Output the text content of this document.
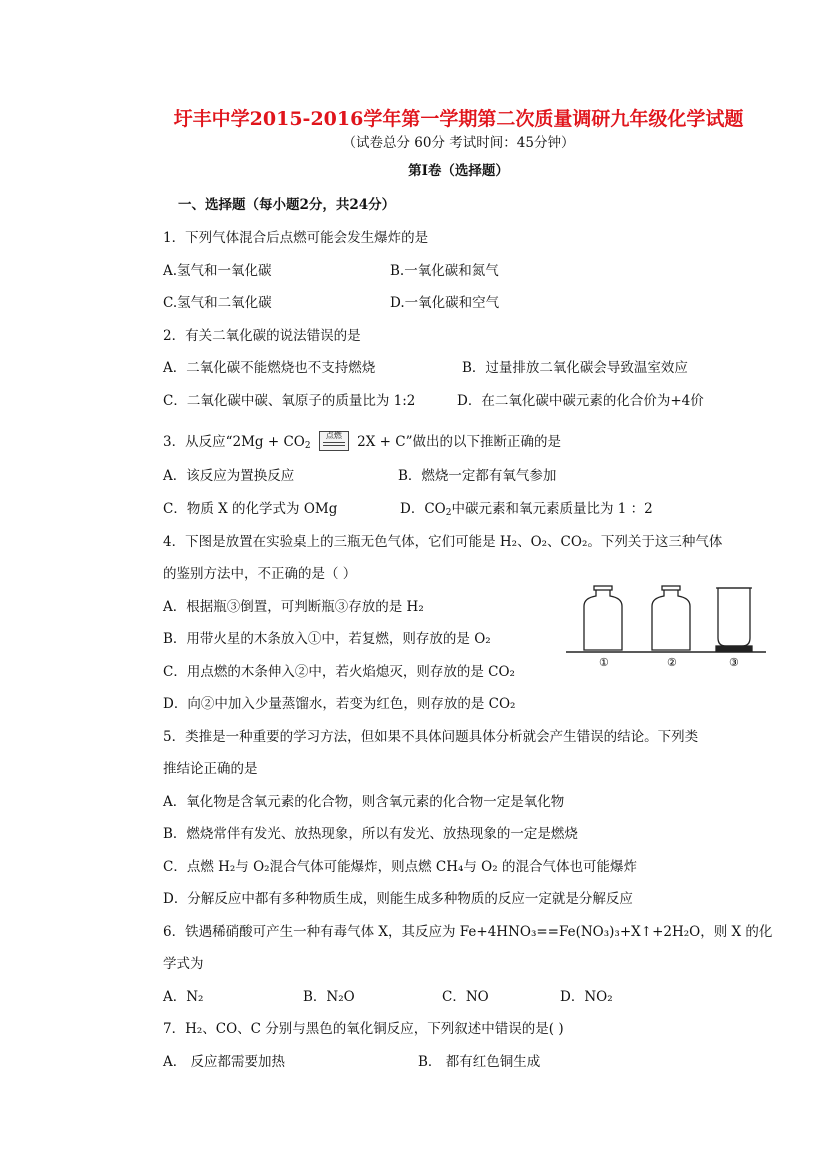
圩丰中学2015-2016学年第一学期第二次质量调研九年级化学试题
（试卷总分 60分 考试时间：45分钟）
第Ⅰ卷（选择题）
一、选择题（每小题2分，共24分）
1．下列气体混合后点燃可能会发生爆炸的是
A.氢气和一氧化碳	B.一氧化碳和氮气
C.氢气和二氧化碳	D.一氧化碳和空气
2．有关二氧化碳的说法错误的是
A．二氧化碳不能燃烧也不支持燃烧	B．过量排放二氧化碳会导致温室效应
C．二氧化碳中碳、氧原子的质量比为 1:2	D．在二氧化碳中碳元素的化合价为+4价
3．从反应“$2Mg + CO_2$
点燃	2X + C”做出的以下推断正确的是
A．该反应为置换反应	B．燃烧一定都有氧气参加
C．物质 X 的化学式为 OMg	D．$CO_2$中碳元素和氧元素质量比为 1 ：2
4．下图是放置在实验桌上的三瓶无色气体，它们可能是 H₂、O₂、CO₂。下列关于这三种气体
的鉴别方法中，不正确的是（ ）
A．根据瓶③倒置，可判断瓶③存放的是 H₂
B．用带火星的木条放入①中，若复燃，则存放的是 O₂
C．用点燃的木条伸入②中，若火焰熄灭，则存放的是 CO₂
D．向②中加入少量蒸馏水，若变为红色，则存放的是 CO₂
①	②	③
5．类推是一种重要的学习方法，但如果不具体问题具体分析就会产生错误的结论。下列类
推结论正确的是
A．氧化物是含氧元素的化合物，则含氧元素的化合物一定是氧化物
B．燃烧常伴有发光、放热现象，所以有发光、放热现象的一定是燃烧
C．点燃 H₂与 O₂混合气体可能爆炸，则点燃 CH₄与 O₂ 的混合气体也可能爆炸
D．分解反应中都有多种物质生成，则能生成多种物质的反应一定就是分解反应
6．铁遇稀硝酸可产生一种有毒气体 X，其反应为 Fe+4HNO₃==Fe(NO₃)₃+X↑+2H₂O，则 X 的化
学式为
A．N₂	B．N₂O	C．NO	D．NO₂
7．H₂、CO、C 分别与黑色的氧化铜反应，下列叙述中错误的是( )
A． 反应都需要加热	B． 都有红色铜生成
